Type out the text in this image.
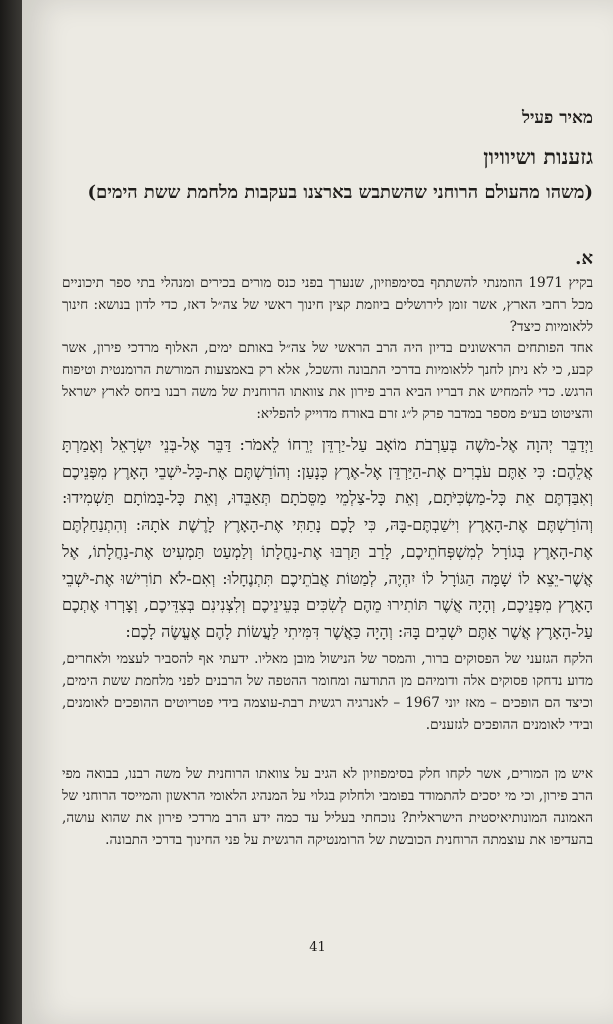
מאיר פעיל

גזענות ושיוויון

(משהו מהעולם הרוחני שהשתבש בארצנו בעקבות מלחמת ששת הימים)

א.

בקיץ 1971 הוזמנתי להשתתף בסימפוזיון, שנערך בפני כנס מורים בכירים ומנהלי בתי ספר תיכוניים מכל רחבי הארץ, אשר זומן לירושלים ביוזמת קצין חינוך ראשי של צה״ל דאז, כדי לדון בנושא: חינוך ללאומיות כיצד?

אחד הפותחים הראשונים בדיון היה הרב הראשי של צה״ל באותם ימים, האלוף מרדכי פירון, אשר קבע, כי לא ניתן לחנך ללאומיות בדרכי התבונה והשכל, אלא רק באמצעות המורשת הרומנטית וטיפוח הרגש. כדי להמחיש את דבריו הביא הרב פירון את צוואתו הרוחנית של משה רבנו ביחס לארץ ישראל והציטוט בע״פ מספר במדבר פרק ל״ג זרם באורח מדוייק להפליא:

וַיְדַבֵּר יְהוָה אֶל-מֹשֶׁה בְּעַרְבֹת מוֹאָב עַל-יַרְדֵּן יְרֵחוֹ לֵאמֹר: דַּבֵּר אֶל-בְּנֵי יִשְׂרָאֵל וְאָמַרְתָּ אֲלֵהֶם: כִּי אַתֶּם עֹבְרִים אֶת-הַיַּרְדֵּן אֶל-אֶרֶץ כְּנָעַן: וְהוֹרַשְׁתֶּם אֶת-כָּל-יֹשְׁבֵי הָאָרֶץ מִפְּנֵיכֶם וְאִבַּדְתֶּם אֵת כָּל-מַשְׂכִּיֹּתָם, וְאֵת כָּל-צַלְמֵי מַסֵּכֹתָם תְּאַבֵּדוּ, וְאֵת כָּל-בָּמוֹתָם תַּשְׁמִידוּ: וְהוֹרַשְׁתֶּם אֶת-הָאָרֶץ וִישַׁבְתֶּם-בָּהּ, כִּי לָכֶם נָתַתִּי אֶת-הָאָרֶץ לָרֶשֶׁת אֹתָהּ: וְהִתְנַחַלְתֶּם אֶת-הָאָרֶץ בְּגוֹרָל לְמִשְׁפְּחֹתֵיכֶם, לָרַב תַּרְבּוּ אֶת-נַחֲלָתוֹ וְלַמְעַט תַּמְעִיט אֶת-נַחֲלָתוֹ, אֶל אֲשֶׁר-יֵצֵא לוֹ שָׁמָּה הַגּוֹרָל לוֹ יִהְיֶה, לְמַטּוֹת אֲבֹתֵיכֶם תִּתְנֶחָלוּ: וְאִם-לֹא תוֹרִישׁוּ אֶת-יֹשְׁבֵי הָאָרֶץ מִפְּנֵיכֶם, וְהָיָה אֲשֶׁר תּוֹתִירוּ מֵהֶם לְשִׂכִּים בְּעֵינֵיכֶם וְלִצְנִינִם בְּצִדֵּיכֶם, וְצָרְרוּ אֶתְכֶם עַל-הָאָרֶץ אֲשֶׁר אַתֶּם יֹשְׁבִים בָּהּ: וְהָיָה כַּאֲשֶׁר דִּמִּיתִי לַעֲשׂוֹת לָהֶם אֶעֱשֶׂה לָכֶם:

הלקח הגזעני של הפסוקים ברור, והמסר של הנישול מובן מאליו. ידעתי אף להסביר לעצמי ולאחרים, מדוע נדחקו פסוקים אלה ודומיהם מן התודעה ומחומר ההטפה של הרבנים לפני מלחמת ששת הימים, וכיצד הם הופכים – מאז יוני 1967 – לאנרגיה רגשית רבת-עוצמה בידי פטריוטים ההופכים לאומנים, ובידי לאומנים ההופכים לגזענים.

איש מן המורים, אשר לקחו חלק בסימפוזיון לא הגיב על צוואתו הרוחנית של משה רבנו, בבואה מפי הרב פירון, וכי מי יסכים להתמודד בפומבי ולחלוק בגלוי על המנהיג הלאומי הראשון והמייסד הרוחני של האמונה המונותיאיסטית הישראלית? נוכחתי בעליל עד כמה ידע הרב מרדכי פירון את שהוא עושה, בהעדיפו את עוצמתה הרוחנית הכובשת של הרומנטיקה הרגשית על פני החינוך בדרכי התבונה.

41
